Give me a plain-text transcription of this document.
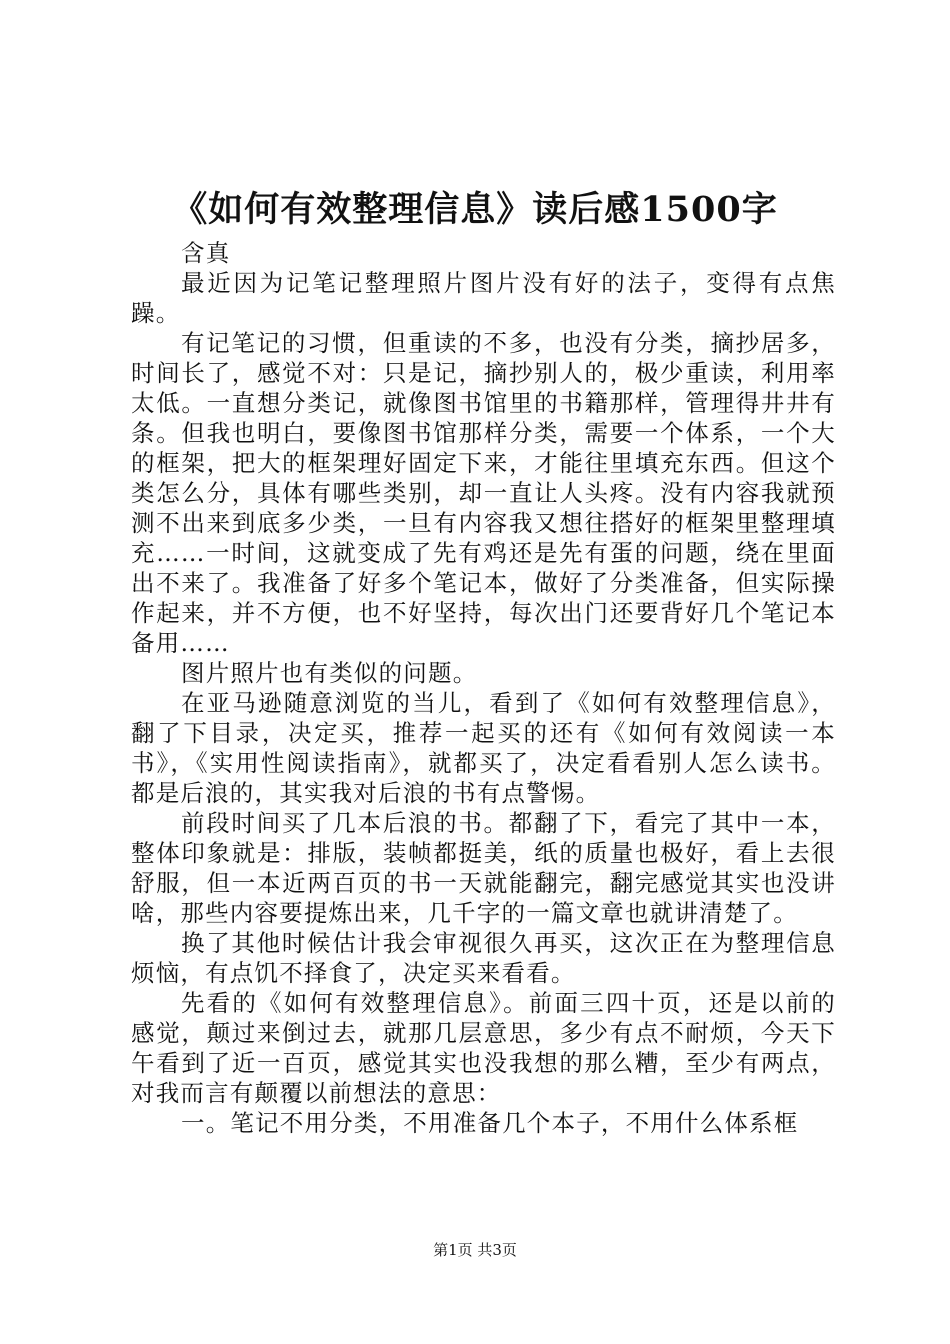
《如何有效整理信息》读后感1500字

含真

最近因为记笔记整理照片图片没有好的法子，变得有点焦躁。

有记笔记的习惯，但重读的不多，也没有分类，摘抄居多，时间长了，感觉不对：只是记，摘抄别人的，极少重读，利用率太低。一直想分类记，就像图书馆里的书籍那样，管理得井井有条。但我也明白，要像图书馆那样分类，需要一个体系，一个大的框架，把大的框架理好固定下来，才能往里填充东西。但这个类怎么分，具体有哪些类别，却一直让人头疼。没有内容我就预测不出来到底多少类，一旦有内容我又想往搭好的框架里整理填充……一时间，这就变成了先有鸡还是先有蛋的问题，绕在里面出不来了。我准备了好多个笔记本，做好了分类准备，但实际操作起来，并不方便，也不好坚持，每次出门还要背好几个笔记本备用……

图片照片也有类似的问题。

在亚马逊随意浏览的当儿，看到了《如何有效整理信息》，翻了下目录，决定买，推荐一起买的还有《如何有效阅读一本书》，《实用性阅读指南》，就都买了，决定看看别人怎么读书。都是后浪的，其实我对后浪的书有点警惕。

前段时间买了几本后浪的书。都翻了下，看完了其中一本，整体印象就是：排版，装帧都挺美，纸的质量也极好，看上去很舒服，但一本近两百页的书一天就能翻完，翻完感觉其实也没讲啥，那些内容要提炼出来，几千字的一篇文章也就讲清楚了。

换了其他时候估计我会审视很久再买，这次正在为整理信息烦恼，有点饥不择食了，决定买来看看。

先看的《如何有效整理信息》。前面三四十页，还是以前的感觉，颠过来倒过去，就那几层意思，多少有点不耐烦，今天下午看到了近一百页，感觉其实也没我想的那么糟，至少有两点，对我而言有颠覆以前想法的意思：

一。笔记不用分类，不用准备几个本子，不用什么体系框

第1页 共3页
